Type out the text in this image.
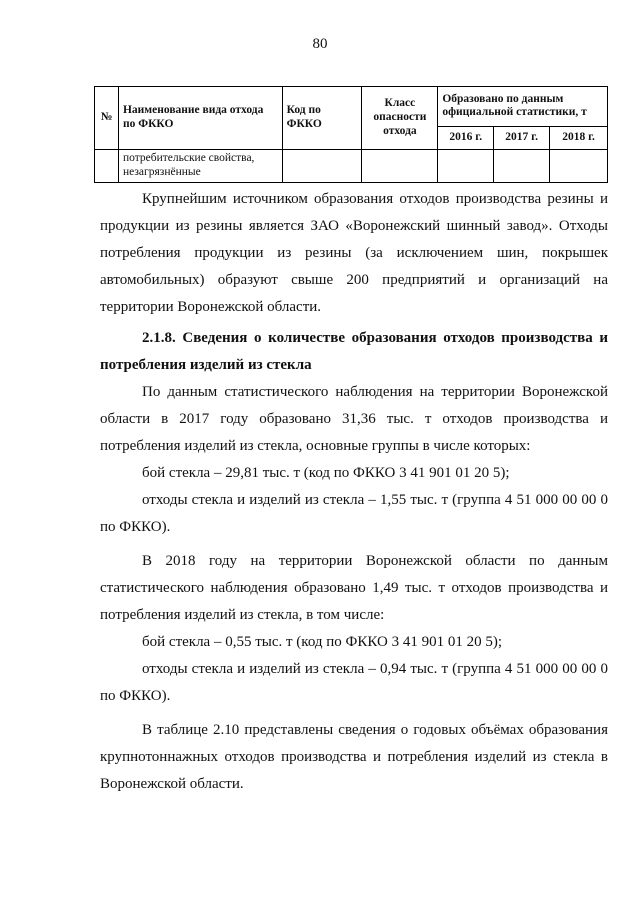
80
№	Наименование вида отхода по ФККО	Код по ФККО	Класс опасности отхода	Образовано по данным официальной статистики, т		
				2016 г.	2017 г.	2018 г.
	потребительские свойства, незагрязнённые					

Крупнейшим источником образования отходов производства резины и продукции из резины является ЗАО «Воронежский шинный завод». Отходы потребления продукции из резины (за исключением шин, покрышек автомобильных) образуют свыше 200 предприятий и организаций на территории Воронежской области.

2.1.8. Сведения о количестве образования отходов производства и потребления изделий из стекла

По данным статистического наблюдения на территории Воронежской области в 2017 году образовано 31,36 тыс. т отходов производства и потребления изделий из стекла, основные группы в числе которых:

бой стекла – 29,81 тыс. т (код по ФККО 3 41 901 01 20 5);

отходы стекла и изделий из стекла – 1,55 тыс. т (группа 4 51 000 00 00 0 по ФККО).

В 2018 году на территории Воронежской области по данным статистического наблюдения образовано 1,49 тыс. т отходов производства и потребления изделий из стекла, в том числе:

бой стекла – 0,55 тыс. т (код по ФККО 3 41 901 01 20 5);

отходы стекла и изделий из стекла – 0,94 тыс. т (группа 4 51 000 00 00 0 по ФККО).

В таблице 2.10 представлены сведения о годовых объёмах образования крупнотоннажных отходов производства и потребления изделий из стекла в Воронежской области.
